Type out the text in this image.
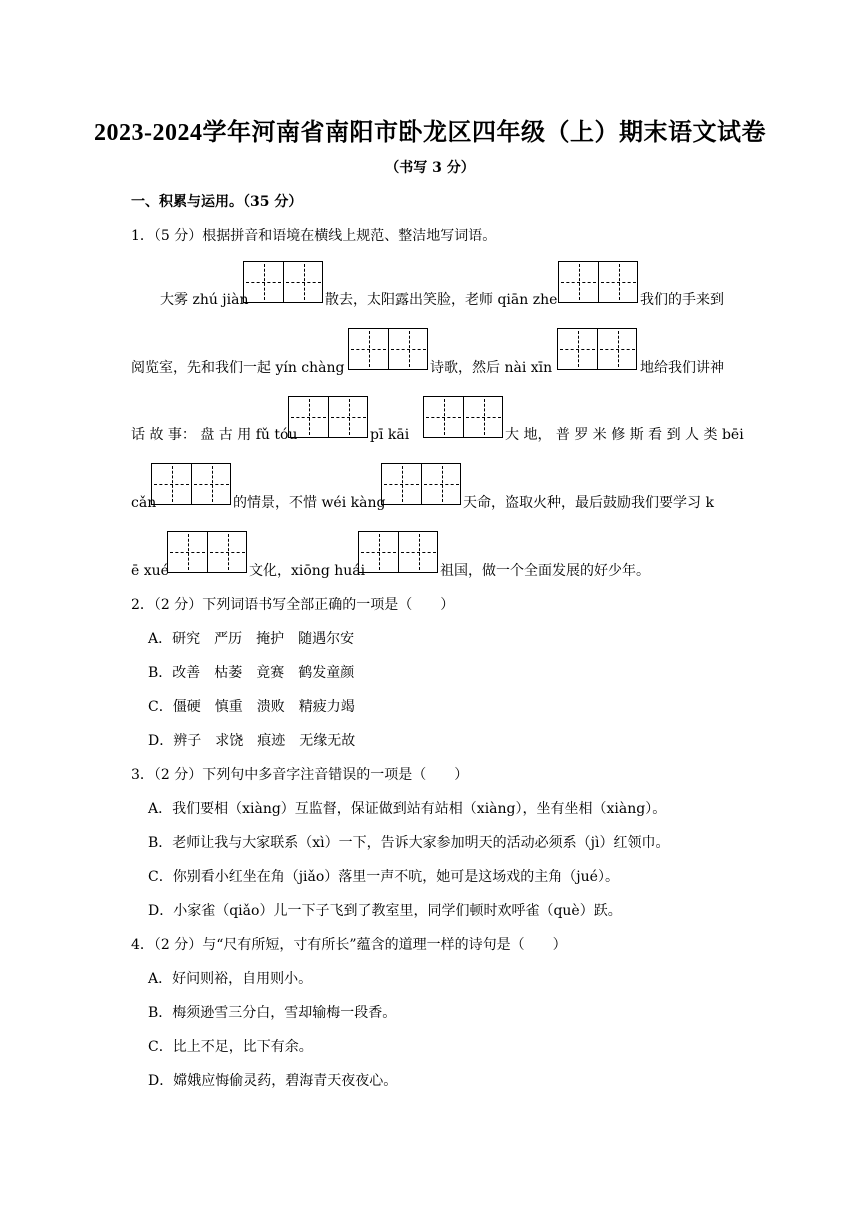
2023-2024学年河南省南阳市卧龙区四年级（上）期末语文试卷
（书写 3 分）
一、积累与运用。（35 分）
1．（5 分）根据拼音和语境在横线上规范、整洁地写词语。
大雾 zhú jiàn	散去，太阳露出笑脸，老师 qiān zhe	我们的手来到
阅览室，先和我们一起 yín chàng	诗歌，然后 nài xīn	地给我们讲神
话 故 事： 盘 古 用 fǔ tóu	pī kāi	大 地， 普 罗 米 修 斯 看 到 人 类 bēi
cǎn	的情景，不惜 wéi kàng	天命，盗取火种，最后鼓励我们要学习 k
ē xué	文化，xiōng huái	祖国，做一个全面发展的好少年。
2．（2 分）下列词语书写全部正确的一项是（　　）
A．研究　严历　掩护　随遇尔安
B．改善　枯萎　竟赛　鹤发童颜
C．僵硬　慎重　溃败　精疲力竭
D．辨子　求饶　痕迹　无缘无故
3．（2 分）下列句中多音字注音错误的一项是（　　）
A．我们要相（xiàng）互监督，保证做到站有站相（xiàng），坐有坐相（xiàng）。
B．老师让我与大家联系（xì）一下，告诉大家参加明天的活动必须系（jì）红领巾。
C．你别看小红坐在角（jiǎo）落里一声不吭，她可是这场戏的主角（jué）。
D．小家雀（qiǎo）儿一下子飞到了教室里，同学们顿时欢呼雀（què）跃。
4．（2 分）与“尺有所短，寸有所长”蕴含的道理一样的诗句是（　　）
A．好问则裕，自用则小。
B．梅须逊雪三分白，雪却输梅一段香。
C．比上不足，比下有余。
D．嫦娥应悔偷灵药，碧海青天夜夜心。
